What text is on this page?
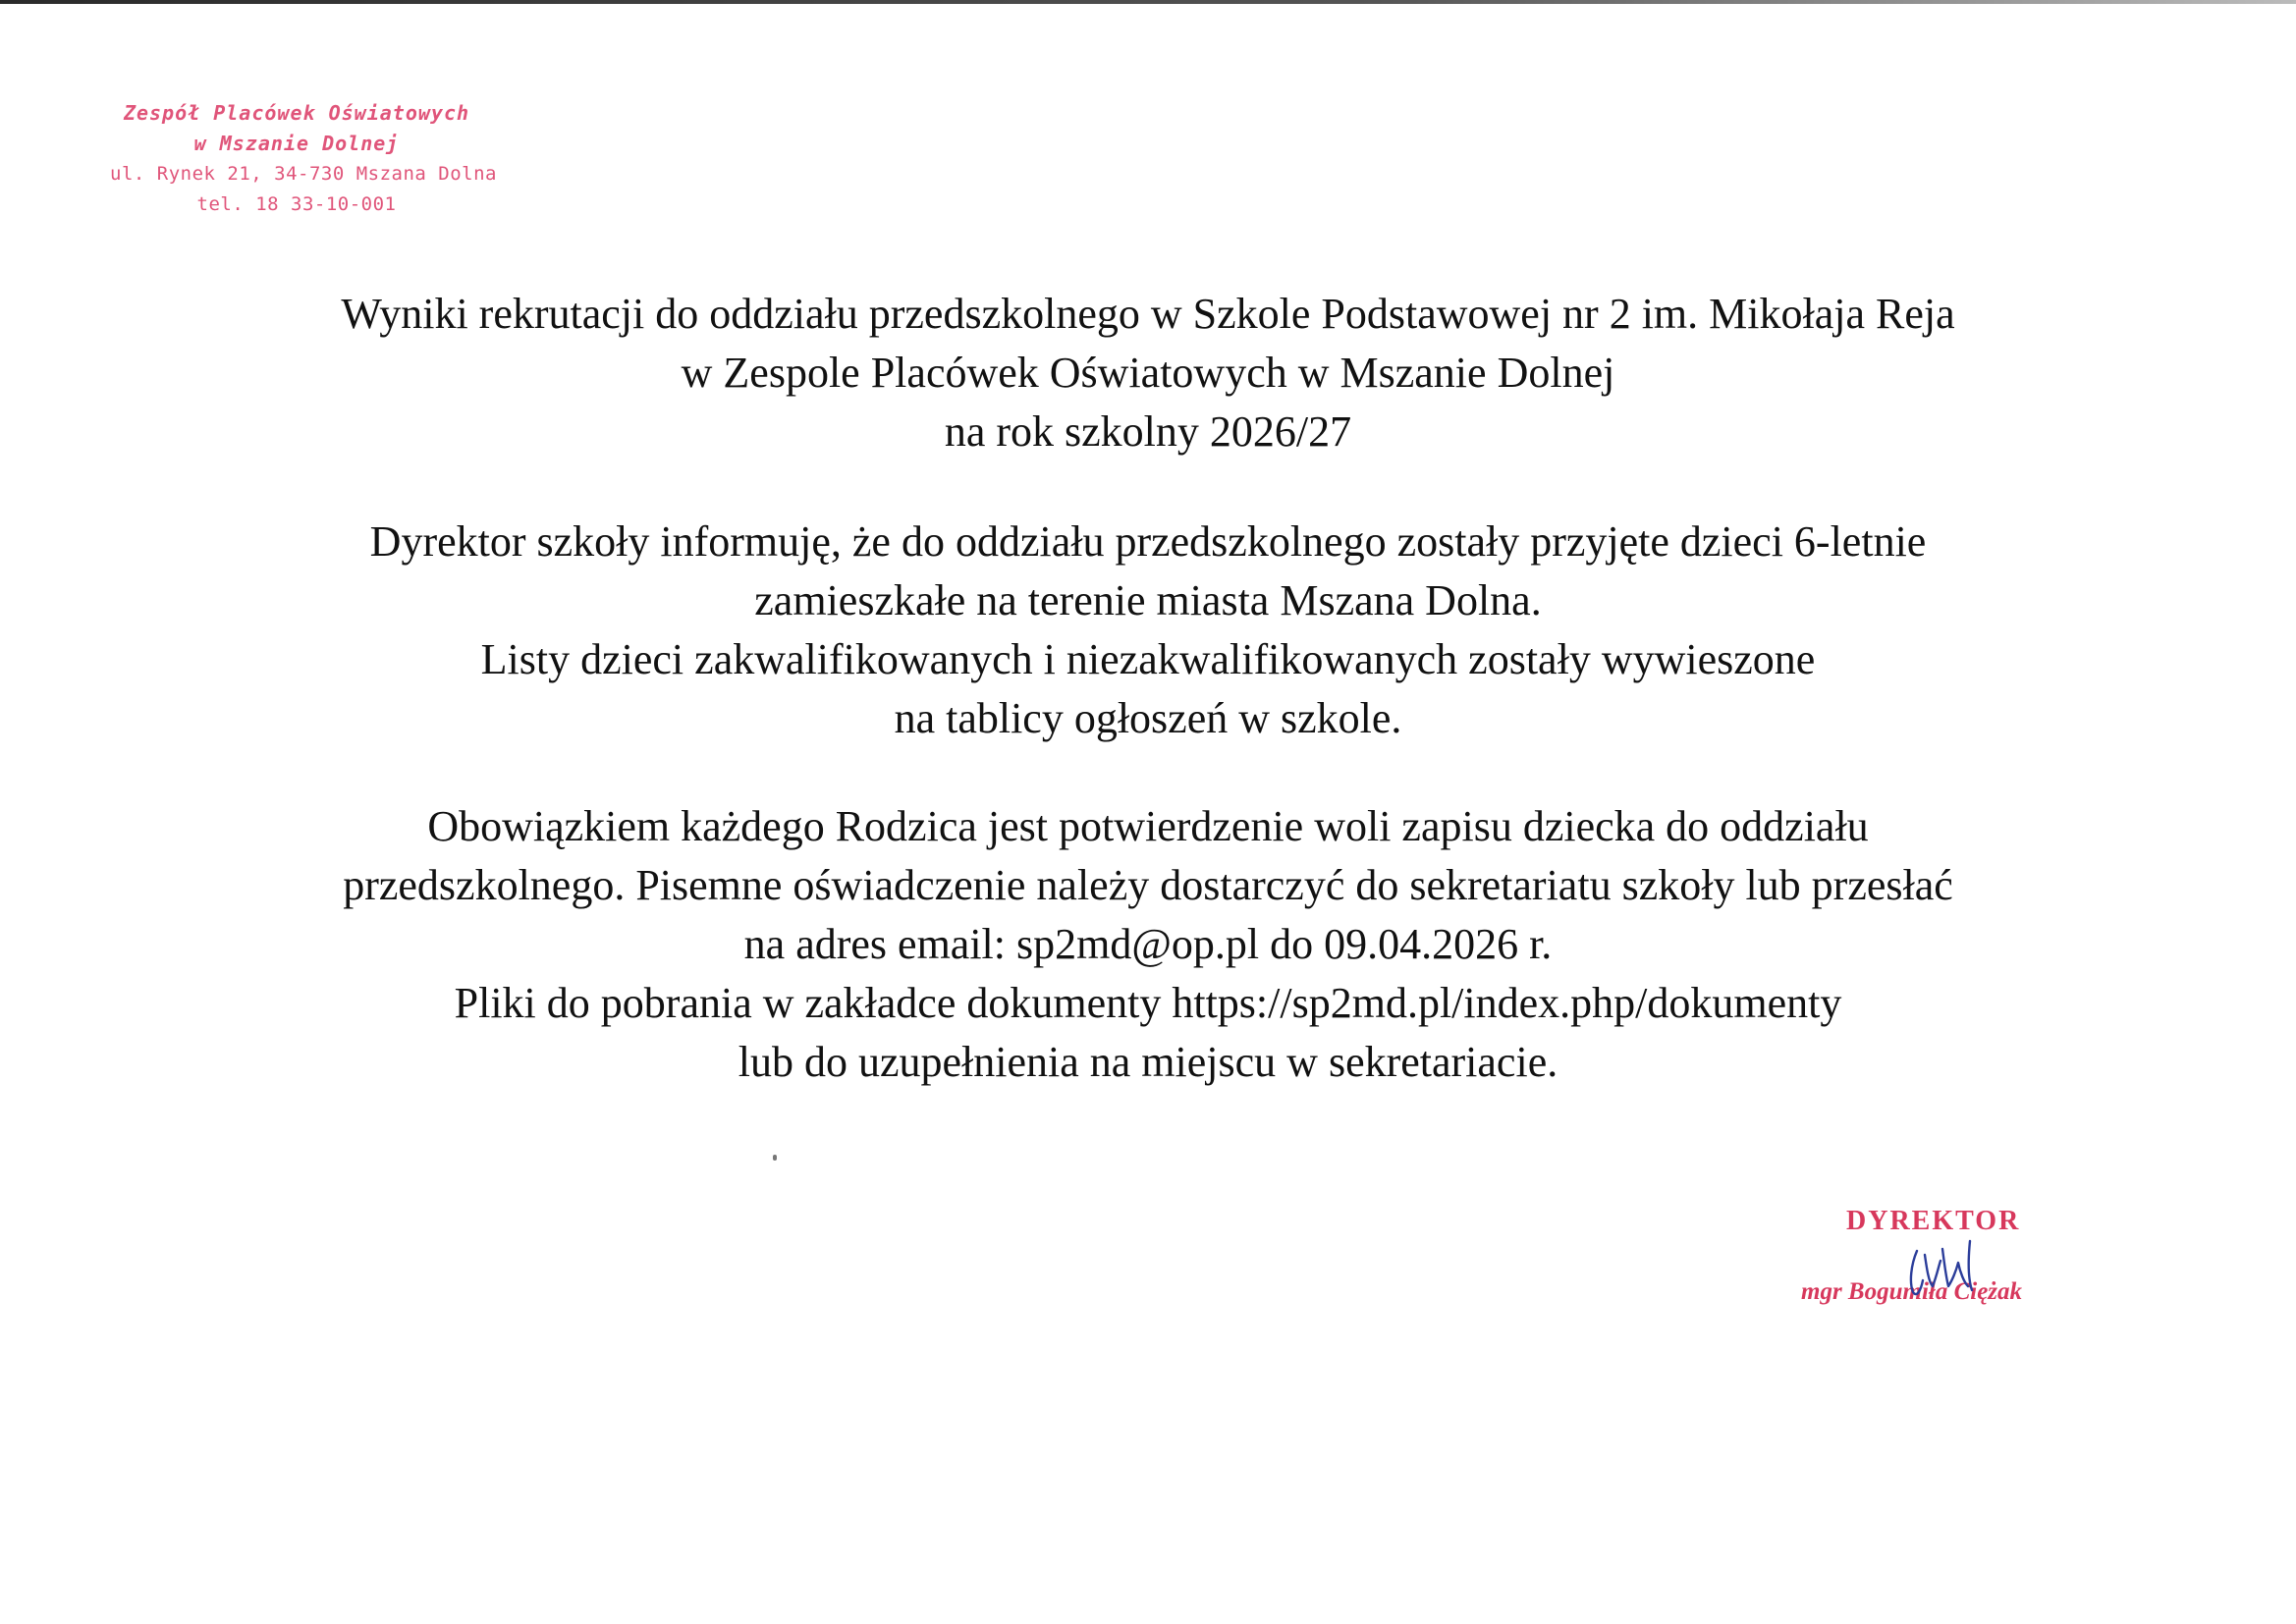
Zespół Placówek Oświatowych
w Mszanie Dolnej
ul. Rynek 21, 34-730 Mszana Dolna
tel. 18 33-10-001
Wyniki rekrutacji do oddziału przedszkolnego w Szkole Podstawowej nr 2 im. Mikołaja Reja
w Zespole Placówek Oświatowych w Mszanie Dolnej
na rok szkolny 2026/27
Dyrektor szkoły informuję, że do oddziału przedszkolnego zostały przyjęte dzieci 6-letnie
zamieszkałe na terenie miasta Mszana Dolna.
Listy dzieci zakwalifikowanych i niezakwalifikowanych zostały wywieszone
na tablicy ogłoszeń w szkole.
Obowiązkiem każdego Rodzica jest potwierdzenie woli zapisu dziecka do oddziału
przedszkolnego. Pisemne oświadczenie należy dostarczyć do sekretariatu szkoły lub przesłać
na adres email: sp2md@op.pl do 09.04.2026 r.
Pliki do pobrania w zakładce dokumenty https://sp2md.pl/index.php/dokumenty
lub do uzupełnienia na miejscu w sekretariacie.
DYREKTOR
mgr Bogumiła Ciężak
